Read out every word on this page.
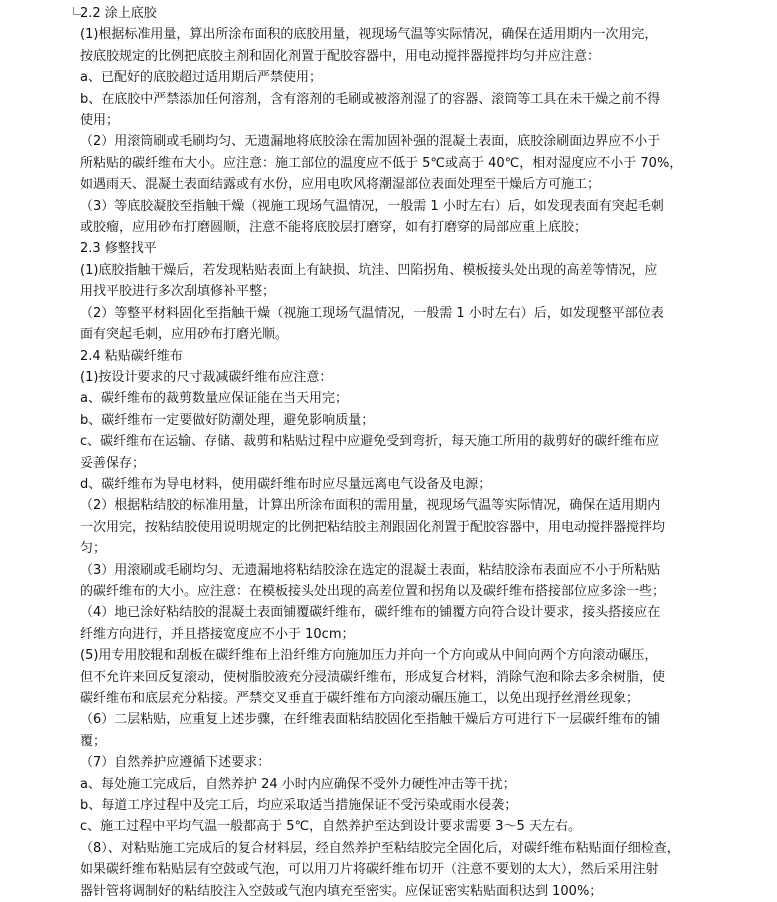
2.2 涂上底胶
(1)根据标准用量，算出所涂布面积的底胶用量，视现场气温等实际情况，确保在适用期内一次用完，
按底胶规定的比例把底胶主剂和固化剂置于配胶容器中，用电动搅拌器搅拌均匀并应注意：
a、已配好的底胶超过适用期后严禁使用；
b、在底胶中严禁添加任何溶剂，含有溶剂的毛刷或被溶剂湿了的容器、滚筒等工具在未干燥之前不得
使用；
（2）用滚筒刷或毛刷均匀、无遗漏地将底胶涂在需加固补强的混凝土表面，底胶涂刷面边界应不小于
所粘贴的碳纤维布大小。应注意：施工部位的温度应不低于 5℃或高于 40℃，相对湿度应不小于 70%，
如遇雨天、混凝土表面结露或有水份，应用电吹风将潮湿部位表面处理至干燥后方可施工；
（3）等底胶凝胶至指触干燥（视施工现场气温情况，一般需 1 小时左右）后，如发现表面有突起毛刺
或胶瘤，应用砂布打磨圆顺，注意不能将底胶层打磨穿，如有打磨穿的局部应重上底胶；
2.3 修整找平
(1)底胶指触干燥后，若发现粘贴表面上有缺损、坑洼、凹陷拐角、模板接头处出现的高差等情况，应
用找平胶进行多次刮填修补平整；
（2）等整平材料固化至指触干燥（视施工现场气温情况，一般需 1 小时左右）后，如发现整平部位表
面有突起毛刺，应用砂布打磨光顺。
2.4 粘贴碳纤维布
(1)按设计要求的尺寸裁减碳纤维布应注意：
a、碳纤维布的裁剪数量应保证能在当天用完；
b、碳纤维布一定要做好防潮处理，避免影响质量；
c、碳纤维布在运输、存储、裁剪和粘贴过程中应避免受到弯折，每天施工所用的裁剪好的碳纤维布应
妥善保存；
d、碳纤维布为导电材料，使用碳纤维布时应尽量远离电气设备及电源；
（2）根据粘结胶的标准用量，计算出所涂布面积的需用量，视现场气温等实际情况，确保在适用期内
一次用完，按粘结胶使用说明规定的比例把粘结胶主剂跟固化剂置于配胶容器中，用电动搅拌器搅拌均
匀；
（3）用滚刷或毛刷均匀、无遗漏地将粘结胶涂在选定的混凝土表面，粘结胶涂布表面应不小于所粘贴
的碳纤维布的大小。应注意：在模板接头处出现的高差位置和拐角以及碳纤维布搭接部位应多涂一些；
（4）地已涂好粘结胶的混凝土表面铺覆碳纤维布，碳纤维布的铺覆方向符合设计要求，接头搭接应在
纤维方向进行，并且搭接宽度应不小于 10cm；
(5)用专用胶辊和刮板在碳纤维布上沿纤维方向施加压力并向一个方向或从中间向两个方向滚动碾压，
但不允许来回反复滚动，使树脂胶液充分浸渍碳纤维布，形成复合材料，消除气泡和除去多余树脂，使
碳纤维布和底层充分粘接。严禁交叉垂直于碳纤维布方向滚动碾压施工，以免出现抒丝滑丝现象；
（6）二层粘贴，应重复上述步骤，在纤维表面粘结胶固化至指触干燥后方可进行下一层碳纤维布的铺
覆；
（7）自然养护应遵循下述要求：
a、每处施工完成后，自然养护 24 小时内应确保不受外力硬性冲击等干扰；
b、每道工序过程中及完工后，均应采取适当措施保证不受污染或雨水侵袭；
c、施工过程中平均气温一般都高于 5℃，自然养护至达到设计要求需要 3～5 天左右。
（8）、对粘贴施工完成后的复合材料层，经自然养护至粘结胶完全固化后，对碳纤维布粘贴面仔细检查，
如果碳纤维布粘贴层有空鼓或气泡，可以用刀片将碳纤维布切开（注意不要划的太大），然后采用注射
器针管将调制好的粘结胶注入空鼓或气泡内填充至密实。应保证密实粘贴面积达到 100%；
